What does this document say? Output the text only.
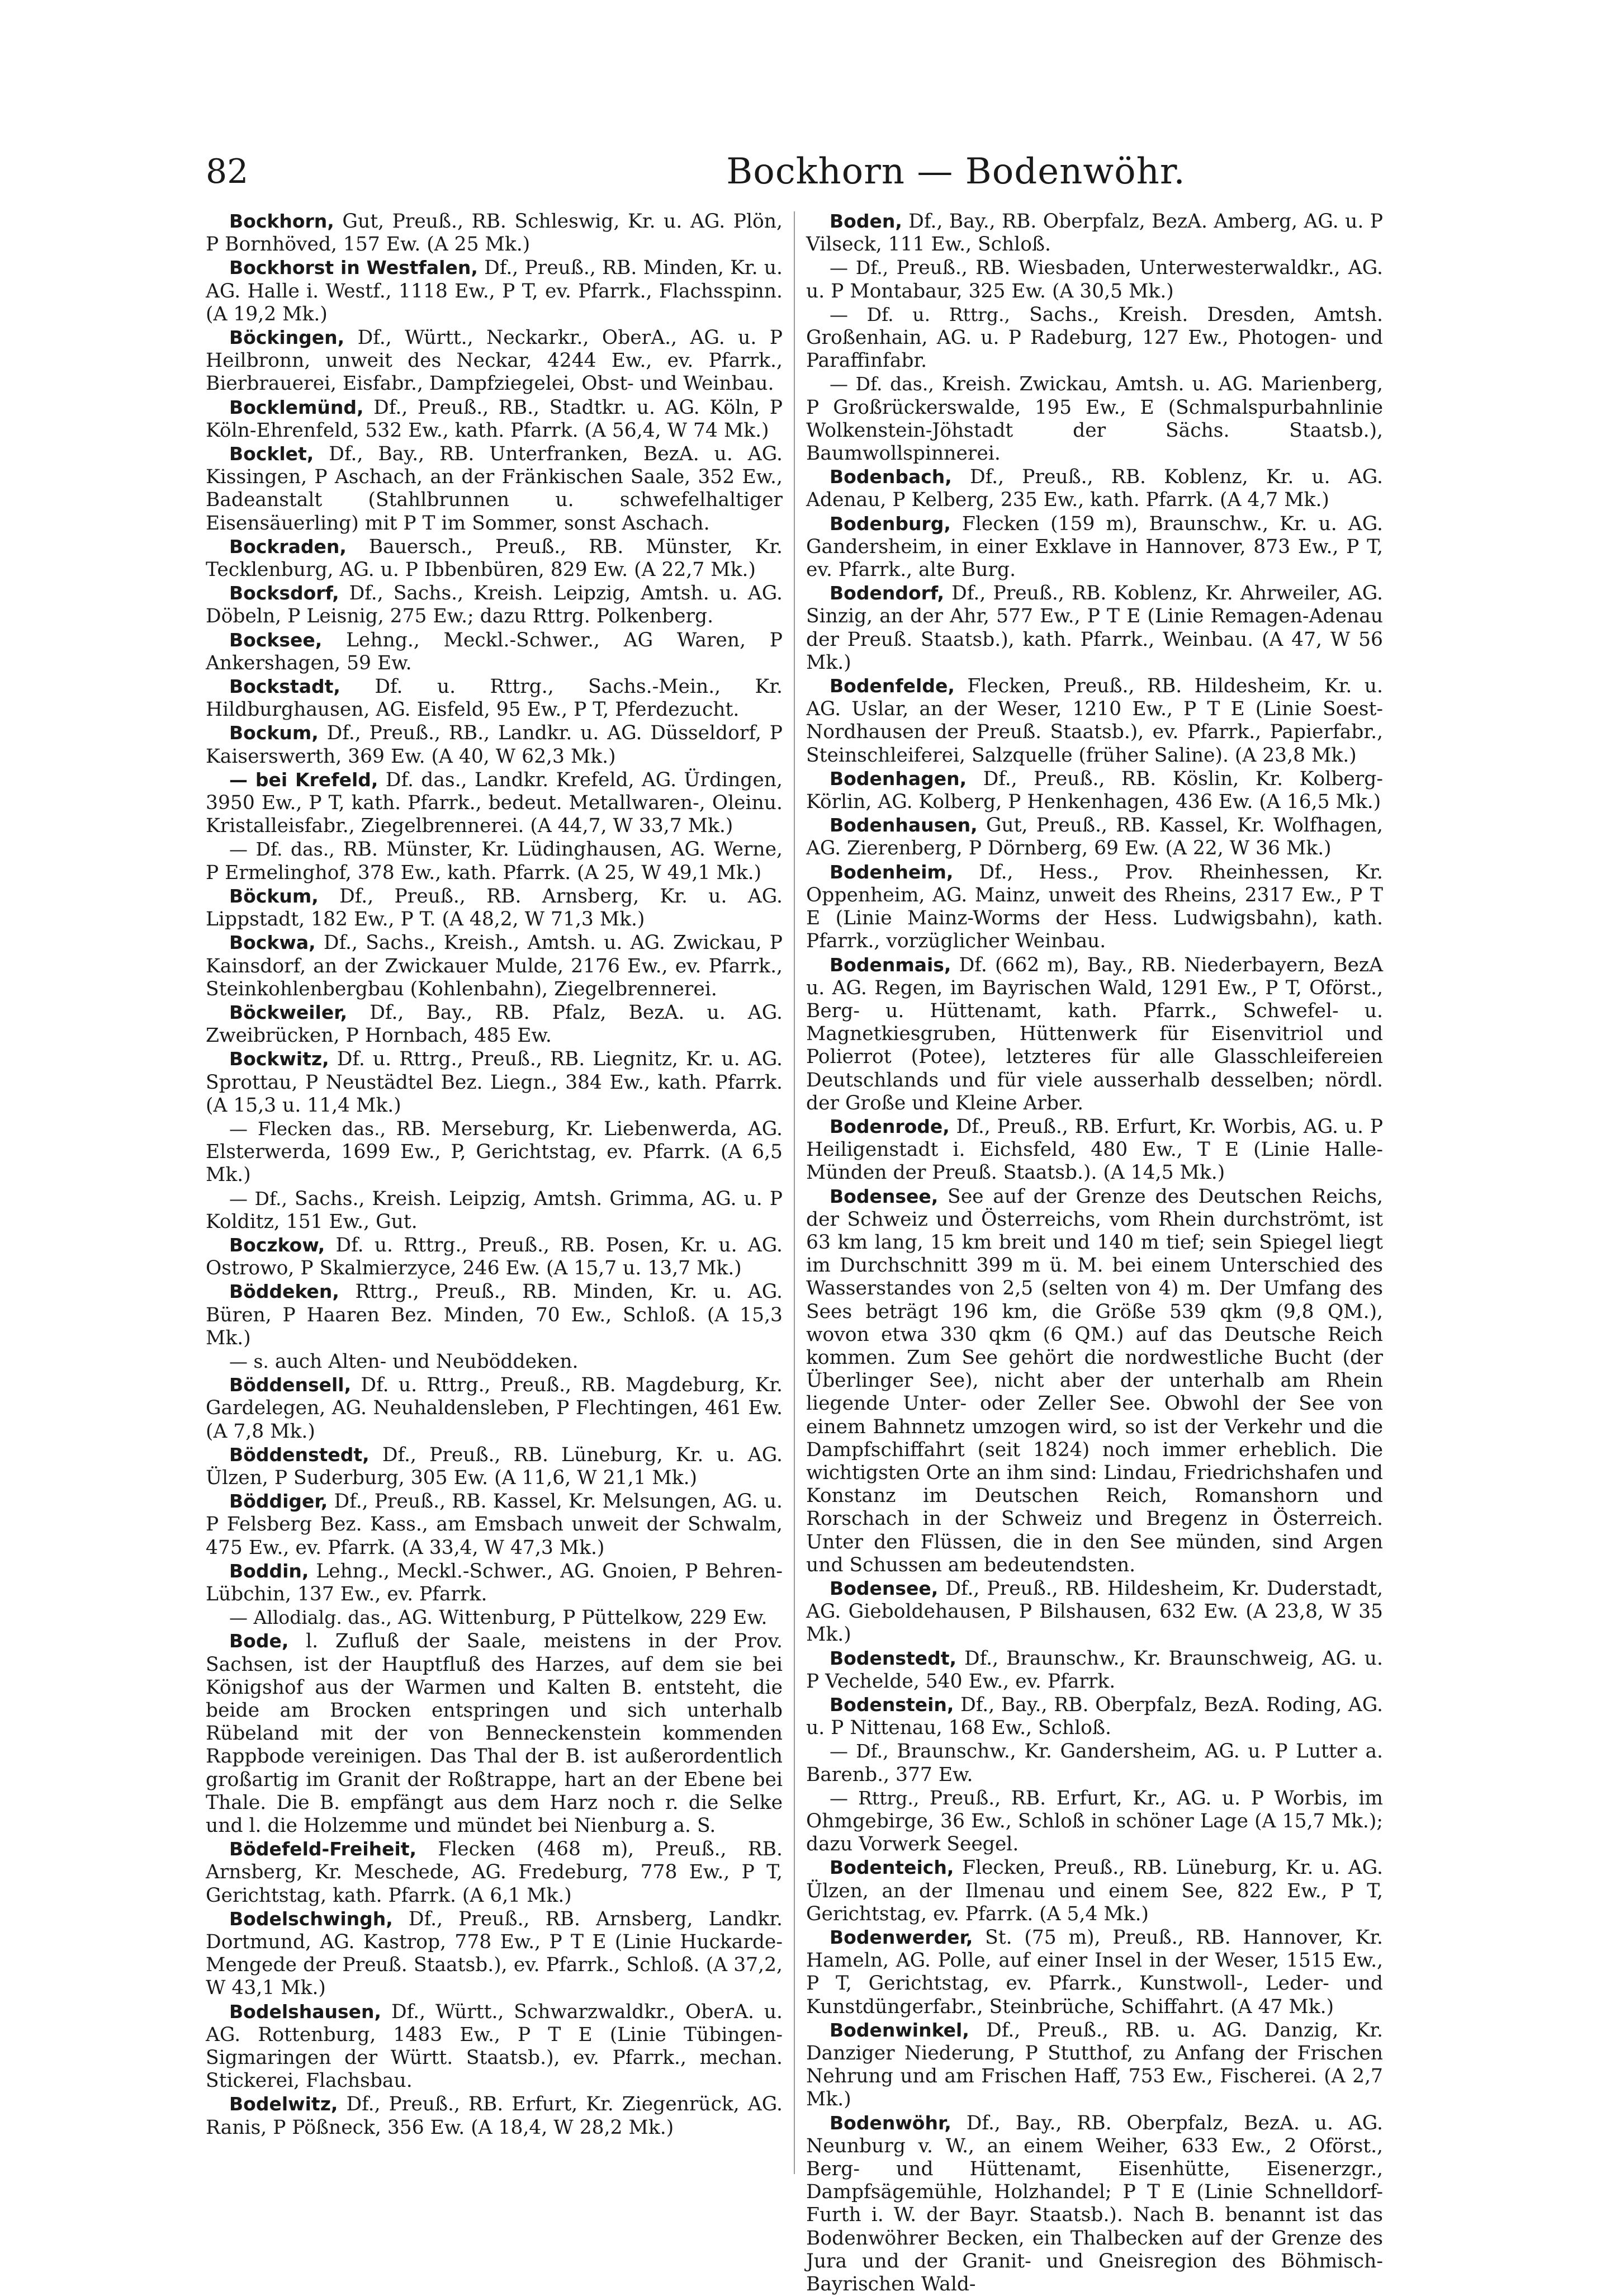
82	Bockhorn — Bodenwöhr.

Bockhorn, Gut, Preuß., RB. Schleswig, Kr. u. AG. Plön, P Bornhöved, 157 Ew. (A 25 Mk.)

Bockhorst in Westfalen, Df., Preuß., RB. Minden, Kr. u. AG. Halle i. Westf., 1118 Ew., P T, ev. Pfarrk., Flachsspinn. (A 19,2 Mk.)

Böckingen, Df., Württ., Neckarkr., OberA., AG. u. P Heilbronn, unweit des Neckar, 4244 Ew., ev. Pfarrk., Bierbrauerei, Eisfabr., Dampfziegelei, Obst- und Weinbau.

Bocklemünd, Df., Preuß., RB., Stadtkr. u. AG. Köln, P Köln-Ehrenfeld, 532 Ew., kath. Pfarrk. (A 56,4, W 74 Mk.)

Bocklet, Df., Bay., RB. Unterfranken, BezA. u. AG. Kissingen, P Aschach, an der Fränkischen Saale, 352 Ew., Badeanstalt (Stahlbrunnen u. schwefelhaltiger Eisensäuerling) mit P T im Sommer, sonst Aschach.

Bockraden, Bauersch., Preuß., RB. Münster, Kr. Tecklenburg, AG. u. P Ibbenbüren, 829 Ew. (A 22,7 Mk.)

Bocksdorf, Df., Sachs., Kreish. Leipzig, Amtsh. u. AG. Döbeln, P Leisnig, 275 Ew.; dazu Rttrg. Polkenberg.

Bocksee, Lehng., Meckl.-Schwer., AG Waren, P Ankershagen, 59 Ew.

Bockstadt, Df. u. Rttrg., Sachs.-Mein., Kr. Hildburghausen, AG. Eisfeld, 95 Ew., P T, Pferdezucht.

Bockum, Df., Preuß., RB., Landkr. u. AG. Düsseldorf, P Kaiserswerth, 369 Ew. (A 40, W 62,3 Mk.)

— bei Krefeld, Df. das., Landkr. Krefeld, AG. Ürdingen, 3950 Ew., P T, kath. Pfarrk., bedeut. Metallwaren-, Oleinu. Kristalleisfabr., Ziegelbrennerei. (A 44,7, W 33,7 Mk.)

— Df. das., RB. Münster, Kr. Lüdinghausen, AG. Werne, P Ermelinghof, 378 Ew., kath. Pfarrk. (A 25, W 49,1 Mk.)

Böckum, Df., Preuß., RB. Arnsberg, Kr. u. AG. Lippstadt, 182 Ew., P T. (A 48,2, W 71,3 Mk.)

Bockwa, Df., Sachs., Kreish., Amtsh. u. AG. Zwickau, P Kainsdorf, an der Zwickauer Mulde, 2176 Ew., ev. Pfarrk., Steinkohlenbergbau (Kohlenbahn), Ziegelbrennerei.

Böckweiler, Df., Bay., RB. Pfalz, BezA. u. AG. Zweibrücken, P Hornbach, 485 Ew.

Bockwitz, Df. u. Rttrg., Preuß., RB. Liegnitz, Kr. u. AG. Sprottau, P Neustädtel Bez. Liegn., 384 Ew., kath. Pfarrk. (A 15,3 u. 11,4 Mk.)

— Flecken das., RB. Merseburg, Kr. Liebenwerda, AG. Elsterwerda, 1699 Ew., P, Gerichtstag, ev. Pfarrk. (A 6,5 Mk.)

— Df., Sachs., Kreish. Leipzig, Amtsh. Grimma, AG. u. P Kolditz, 151 Ew., Gut.

Boczkow, Df. u. Rttrg., Preuß., RB. Posen, Kr. u. AG. Ostrowo, P Skalmierzyce, 246 Ew. (A 15,7 u. 13,7 Mk.)

Böddeken, Rttrg., Preuß., RB. Minden, Kr. u. AG. Büren, P Haaren Bez. Minden, 70 Ew., Schloß. (A 15,3 Mk.)

— s. auch Alten- und Neuböddeken.

Böddensell, Df. u. Rttrg., Preuß., RB. Magdeburg, Kr. Gardelegen, AG. Neuhaldensleben, P Flechtingen, 461 Ew. (A 7,8 Mk.)

Böddenstedt, Df., Preuß., RB. Lüneburg, Kr. u. AG. Ülzen, P Suderburg, 305 Ew. (A 11,6, W 21,1 Mk.)

Böddiger, Df., Preuß., RB. Kassel, Kr. Melsungen, AG. u. P Felsberg Bez. Kass., am Emsbach unweit der Schwalm, 475 Ew., ev. Pfarrk. (A 33,4, W 47,3 Mk.)

Boddin, Lehng., Meckl.-Schwer., AG. Gnoien, P Behren-Lübchin, 137 Ew., ev. Pfarrk.

— Allodialg. das., AG. Wittenburg, P Püttelkow, 229 Ew.

Bode, l. Zufluß der Saale, meistens in der Prov. Sachsen, ist der Hauptfluß des Harzes, auf dem sie bei Königshof aus der Warmen und Kalten B. entsteht, die beide am Brocken entspringen und sich unterhalb Rübeland mit der von Benneckenstein kommenden Rappbode vereinigen. Das Thal der B. ist außerordentlich großartig im Granit der Roßtrappe, hart an der Ebene bei Thale. Die B. empfängt aus dem Harz noch r. die Selke und l. die Holzemme und mündet bei Nienburg a. S.

Bödefeld-Freiheit, Flecken (468 m), Preuß., RB. Arnsberg, Kr. Meschede, AG. Fredeburg, 778 Ew., P T, Gerichtstag, kath. Pfarrk. (A 6,1 Mk.)

Bodelschwingh, Df., Preuß., RB. Arnsberg, Landkr. Dortmund, AG. Kastrop, 778 Ew., P T E (Linie Huckarde-Mengede der Preuß. Staatsb.), ev. Pfarrk., Schloß. (A 37,2, W 43,1 Mk.)

Bodelshausen, Df., Württ., Schwarzwaldkr., OberA. u. AG. Rottenburg, 1483 Ew., P T E (Linie Tübingen-Sigmaringen der Württ. Staatsb.), ev. Pfarrk., mechan. Stickerei, Flachsbau.

Bodelwitz, Df., Preuß., RB. Erfurt, Kr. Ziegenrück, AG. Ranis, P Pößneck, 356 Ew. (A 18,4, W 28,2 Mk.)

Boden, Df., Bay., RB. Oberpfalz, BezA. Amberg, AG. u. P Vilseck, 111 Ew., Schloß.

— Df., Preuß., RB. Wiesbaden, Unterwesterwaldkr., AG. u. P Montabaur, 325 Ew. (A 30,5 Mk.)

— Df. u. Rttrg., Sachs., Kreish. Dresden, Amtsh. Großenhain, AG. u. P Radeburg, 127 Ew., Photogen- und Paraffinfabr.

— Df. das., Kreish. Zwickau, Amtsh. u. AG. Marienberg, P Großrückerswalde, 195 Ew., E (Schmalspurbahnlinie Wolkenstein-Jöhstadt der Sächs. Staatsb.), Baumwollspinnerei.

Bodenbach, Df., Preuß., RB. Koblenz, Kr. u. AG. Adenau, P Kelberg, 235 Ew., kath. Pfarrk. (A 4,7 Mk.)

Bodenburg, Flecken (159 m), Braunschw., Kr. u. AG. Gandersheim, in einer Exklave in Hannover, 873 Ew., P T, ev. Pfarrk., alte Burg.

Bodendorf, Df., Preuß., RB. Koblenz, Kr. Ahrweiler, AG. Sinzig, an der Ahr, 577 Ew., P T E (Linie Remagen-Adenau der Preuß. Staatsb.), kath. Pfarrk., Weinbau. (A 47, W 56 Mk.)

Bodenfelde, Flecken, Preuß., RB. Hildesheim, Kr. u. AG. Uslar, an der Weser, 1210 Ew., P T E (Linie Soest-Nordhausen der Preuß. Staatsb.), ev. Pfarrk., Papierfabr., Steinschleiferei, Salzquelle (früher Saline). (A 23,8 Mk.)

Bodenhagen, Df., Preuß., RB. Köslin, Kr. Kolberg-Körlin, AG. Kolberg, P Henkenhagen, 436 Ew. (A 16,5 Mk.)

Bodenhausen, Gut, Preuß., RB. Kassel, Kr. Wolfhagen, AG. Zierenberg, P Dörnberg, 69 Ew. (A 22, W 36 Mk.)

Bodenheim, Df., Hess., Prov. Rheinhessen, Kr. Oppenheim, AG. Mainz, unweit des Rheins, 2317 Ew., P T E (Linie Mainz-Worms der Hess. Ludwigsbahn), kath. Pfarrk., vorzüglicher Weinbau.

Bodenmais, Df. (662 m), Bay., RB. Niederbayern, BezA u. AG. Regen, im Bayrischen Wald, 1291 Ew., P T, Oförst., Berg- u. Hüttenamt, kath. Pfarrk., Schwefel- u. Magnetkiesgruben, Hüttenwerk für Eisenvitriol und Polierrot (Potee), letzteres für alle Glasschleifereien Deutschlands und für viele ausserhalb desselben; nördl. der Große und Kleine Arber.

Bodenrode, Df., Preuß., RB. Erfurt, Kr. Worbis, AG. u. P Heiligenstadt i. Eichsfeld, 480 Ew., T E (Linie Halle-Münden der Preuß. Staatsb.). (A 14,5 Mk.)

Bodensee, See auf der Grenze des Deutschen Reichs, der Schweiz und Österreichs, vom Rhein durchströmt, ist 63 km lang, 15 km breit und 140 m tief; sein Spiegel liegt im Durchschnitt 399 m ü. M. bei einem Unterschied des Wasserstandes von 2,5 (selten von 4) m. Der Umfang des Sees beträgt 196 km, die Größe 539 qkm (9,8 QM.), wovon etwa 330 qkm (6 QM.) auf das Deutsche Reich kommen. Zum See gehört die nordwestliche Bucht (der Überlinger See), nicht aber der unterhalb am Rhein liegende Unter- oder Zeller See. Obwohl der See von einem Bahnnetz umzogen wird, so ist der Verkehr und die Dampfschiffahrt (seit 1824) noch immer erheblich. Die wichtigsten Orte an ihm sind: Lindau, Friedrichshafen und Konstanz im Deutschen Reich, Romanshorn und Rorschach in der Schweiz und Bregenz in Österreich. Unter den Flüssen, die in den See münden, sind Argen und Schussen am bedeutendsten.

Bodensee, Df., Preuß., RB. Hildesheim, Kr. Duderstadt, AG. Gieboldehausen, P Bilshausen, 632 Ew. (A 23,8, W 35 Mk.)

Bodenstedt, Df., Braunschw., Kr. Braunschweig, AG. u. P Vechelde, 540 Ew., ev. Pfarrk.

Bodenstein, Df., Bay., RB. Oberpfalz, BezA. Roding, AG. u. P Nittenau, 168 Ew., Schloß.

— Df., Braunschw., Kr. Gandersheim, AG. u. P Lutter a. Barenb., 377 Ew.

— Rttrg., Preuß., RB. Erfurt, Kr., AG. u. P Worbis, im Ohmgebirge, 36 Ew., Schloß in schöner Lage (A 15,7 Mk.); dazu Vorwerk Seegel.

Bodenteich, Flecken, Preuß., RB. Lüneburg, Kr. u. AG. Ülzen, an der Ilmenau und einem See, 822 Ew., P T, Gerichtstag, ev. Pfarrk. (A 5,4 Mk.)

Bodenwerder, St. (75 m), Preuß., RB. Hannover, Kr. Hameln, AG. Polle, auf einer Insel in der Weser, 1515 Ew., P T, Gerichtstag, ev. Pfarrk., Kunstwoll-, Leder- und Kunstdüngerfabr., Steinbrüche, Schiffahrt. (A 47 Mk.)

Bodenwinkel, Df., Preuß., RB. u. AG. Danzig, Kr. Danziger Niederung, P Stutthof, zu Anfang der Frischen Nehrung und am Frischen Haff, 753 Ew., Fischerei. (A 2,7 Mk.)

Bodenwöhr, Df., Bay., RB. Oberpfalz, BezA. u. AG. Neunburg v. W., an einem Weiher, 633 Ew., 2 Oförst., Berg- und Hüttenamt, Eisenhütte, Eisenerzgr., Dampfsägemühle, Holzhandel; P T E (Linie Schnelldorf-Furth i. W. der Bayr. Staatsb.). Nach B. benannt ist das Bodenwöhrer Becken, ein Thalbecken auf der Grenze des Jura und der Granit- und Gneisregion des Böhmisch-Bayrischen Wald-
